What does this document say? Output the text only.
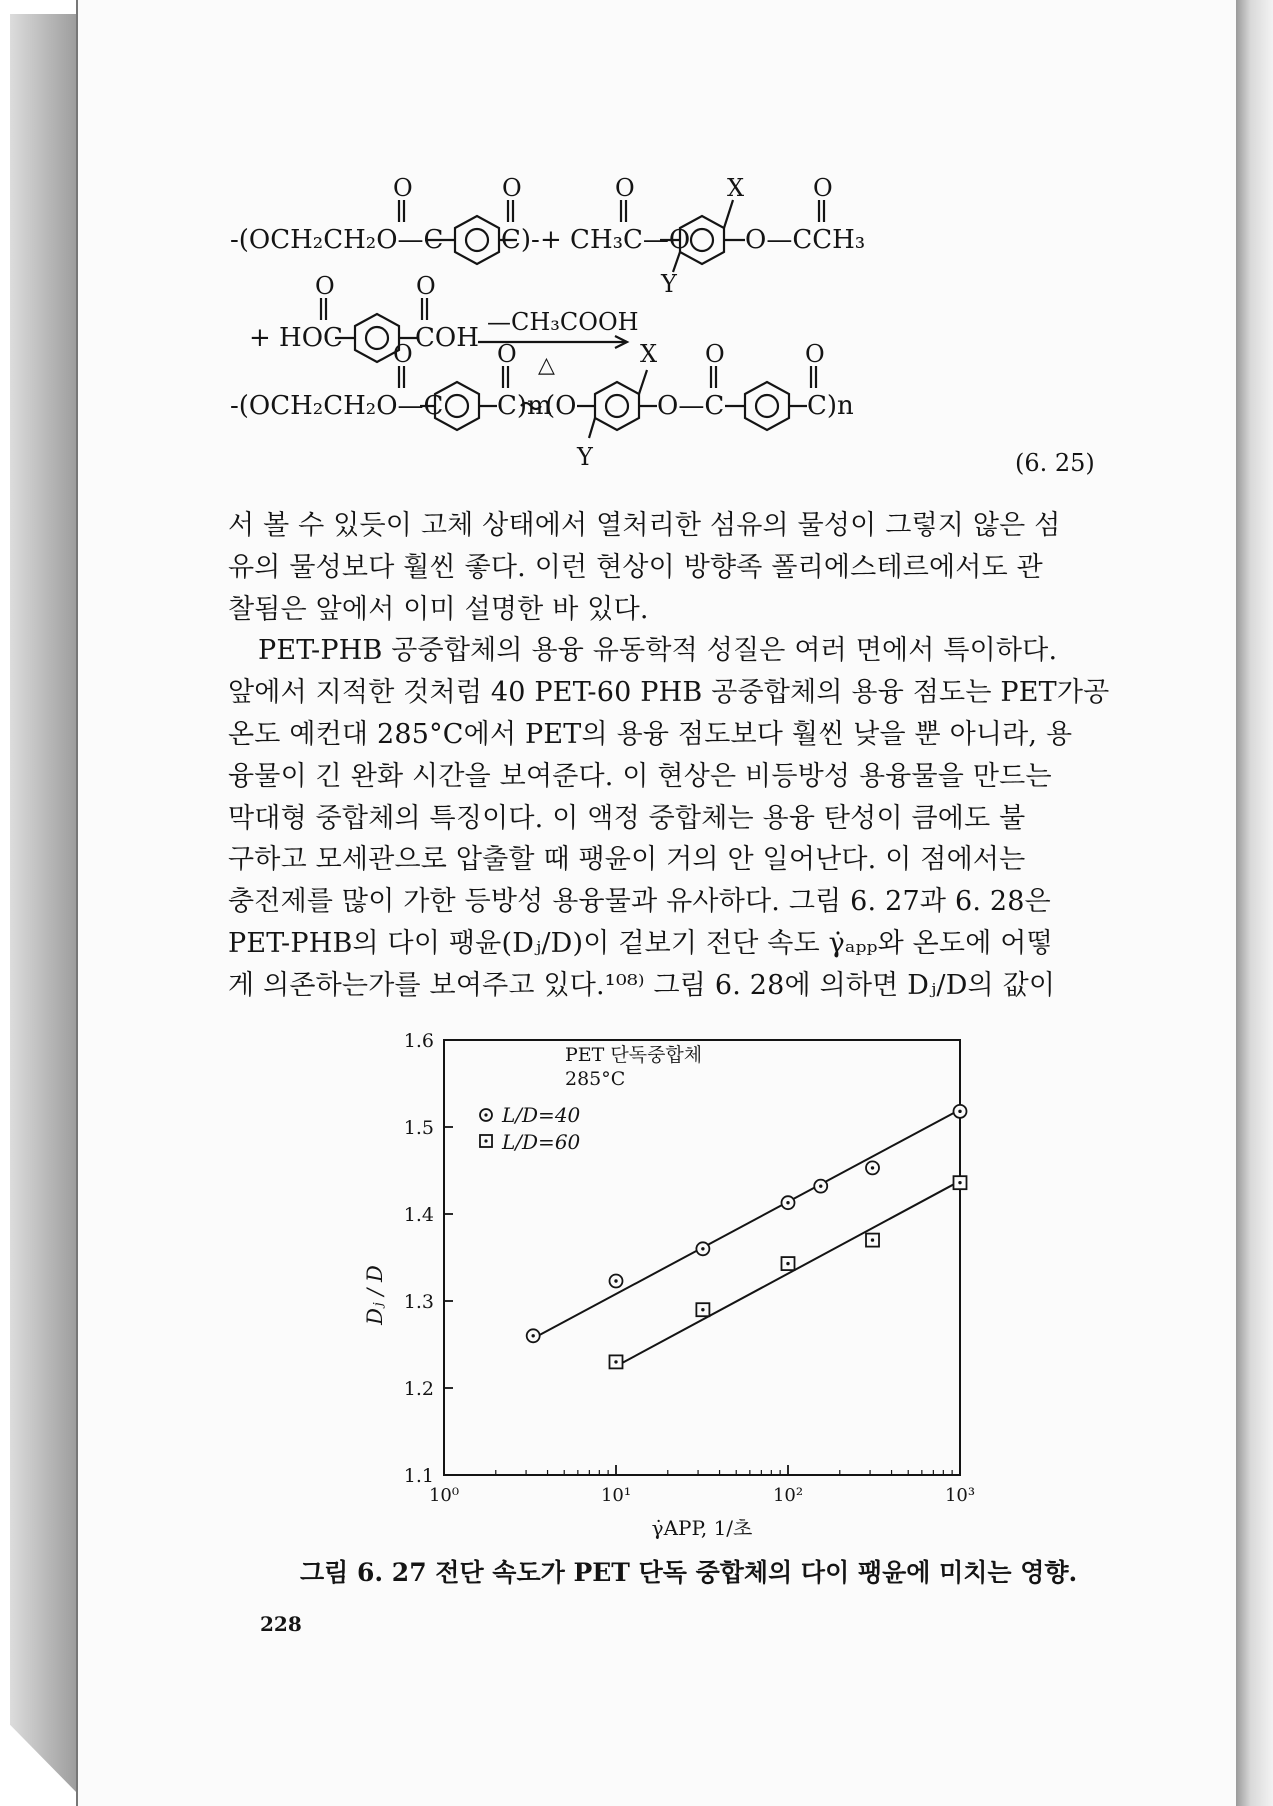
-(OCH₂CH₂O—C
O
C)-
O
+ CH₃C—O
O	X
O—CCH₃
O
Y
+ HOC
O
COH
O
—CH₃COOH
△
-(OCH₂CH₂O—C
O
C)m
O
(O
X
O—C
O
C)n
O
Y	(6. 25)

서 볼 수 있듯이 고체 상태에서 열처리한 섬유의 물성이 그렇지 않은 섬
유의 물성보다 훨씬 좋다. 이런 현상이 방향족 폴리에스테르에서도 관
찰됨은 앞에서 이미 설명한 바 있다.

PET-PHB 공중합체의 용융 유동학적 성질은 여러 면에서 특이하다.
앞에서 지적한 것처럼 40 PET-60 PHB 공중합체의 용융 점도는 PET가공
온도 예컨대 285°C에서 PET의 용융 점도보다 훨씬 낮을 뿐 아니라, 용
융물이 긴 완화 시간을 보여준다. 이 현상은 비등방성 용융물을 만드는
막대형 중합체의 특징이다. 이 액정 중합체는 용융 탄성이 큼에도 불
구하고 모세관으로 압출할 때 팽윤이 거의 안 일어난다. 이 점에서는
충전제를 많이 가한 등방성 용융물과 유사하다. 그림 6. 27과 6. 28은
PET-PHB의 다이 팽윤(Dⱼ/D)이 겉보기 전단 속도 γ̇ₐₚₚ와 온도에 어떻
게 의존하는가를 보여주고 있다.¹⁰⁸⁾ 그림 6. 28에 의하면 Dⱼ/D의 값이

1.1
1.2
1.3
1.4
1.5
1.6
10⁰	10¹	10²	10³
PET 단독중합체
285°C
L/D=40
L/D=60
Dⱼ / D
γ̇APP, 1/초
그림 6. 27 전단 속도가 PET 단독 중합체의 다이 팽윤에 미치는 영향.
228
